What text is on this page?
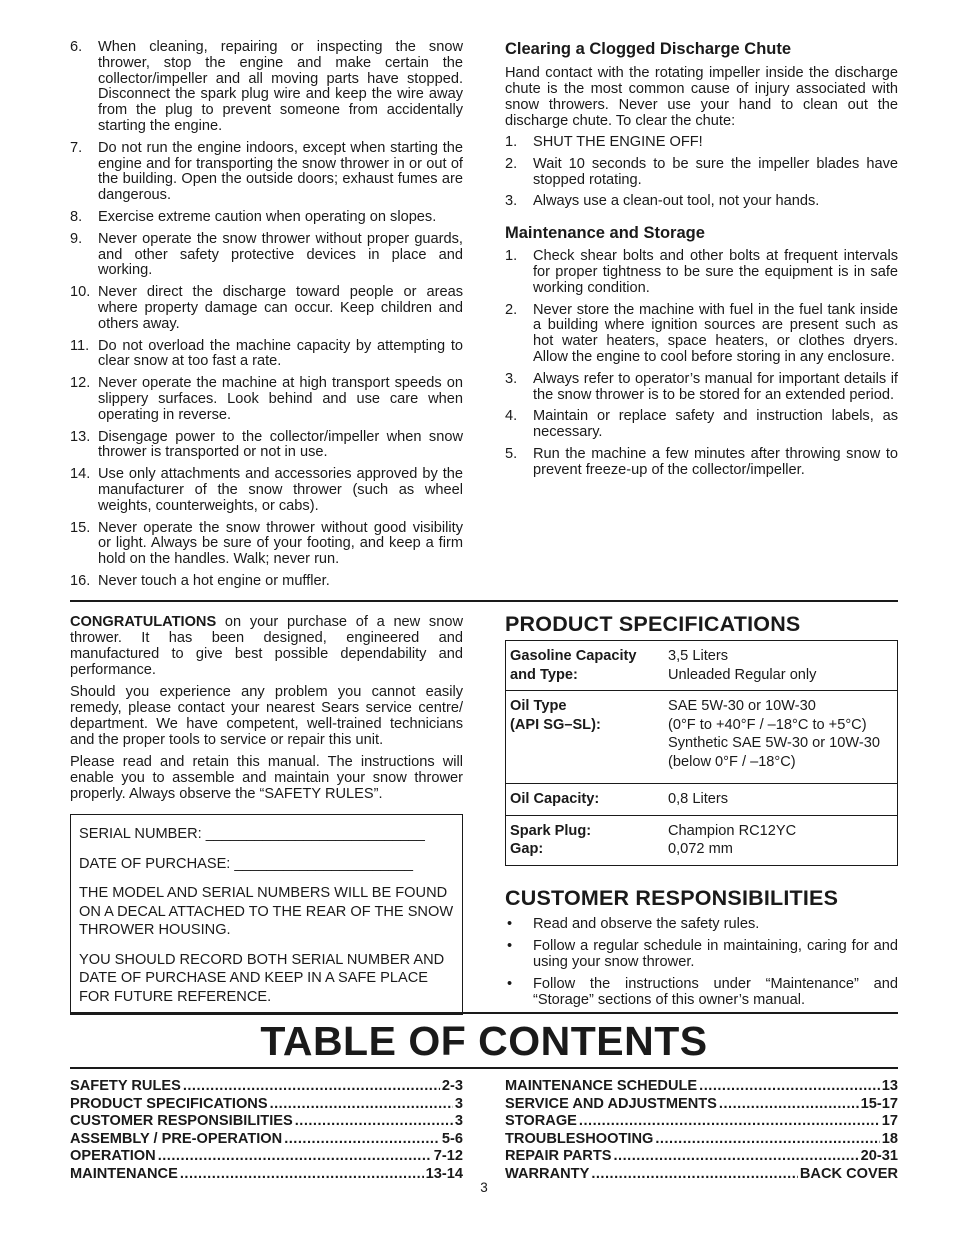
6. When cleaning, repairing or inspecting the snow thrower, stop the engine and make certain the collector/impeller and all moving parts have stopped. Disconnect the spark plug wire and keep the wire away from the plug to prevent someone from accidentally starting the engine.
7. Do not run the engine indoors, except when starting the engine and for transporting the snow thrower in or out of the building. Open the outside doors; exhaust fumes are dangerous.
8. Exercise extreme caution when operating on slopes.
9. Never operate the snow thrower without proper guards, and other safety protective devices in place and working.
10. Never direct the discharge toward people or areas where property damage can occur. Keep children and others away.
11. Do not overload the machine capacity by attempting to clear snow at too fast a rate.
12. Never operate the machine at high transport speeds on slippery surfaces. Look behind and use care when operating in reverse.
13. Disengage power to the collector/impeller when snow thrower is transported or not in use.
14. Use only attachments and accessories approved by the manufacturer of the snow thrower (such as wheel weights, counterweights, or cabs).
15. Never operate the snow thrower without good visibility or light. Always be sure of your footing, and keep a firm hold on the handles. Walk; never run.
16. Never touch a hot engine or muffler.
Clearing a Clogged Discharge Chute

Hand contact with the rotating impeller inside the discharge chute is the most common cause of injury associated with snow throwers. Never use your hand to clean out the discharge chute. To clear the chute:

1. SHUT THE ENGINE OFF!
2. Wait 10 seconds to be sure the impeller blades have stopped rotating.
3. Always use a clean-out tool, not your hands.
Maintenance and Storage
1. Check shear bolts and other bolts at frequent intervals for proper tightness to be sure the equipment is in safe working condition.
2. Never store the machine with fuel in the fuel tank inside a building where ignition sources are present such as hot water heaters, space heaters, or clothes dryers. Allow the engine to cool before storing in any enclosure.
3. Always refer to operator’s manual for important details if the snow thrower is to be stored for an extended period.
4. Maintain or replace safety and instruction labels, as necessary.
5. Run the machine a few minutes after throwing snow to prevent freeze-up of the collector/impeller.

CONGRATULATIONS on your purchase of a new snow thrower. It has been designed, engineered and manufactured to give best possible dependability and performance.

Should you experience any problem you cannot easily remedy, please contact your nearest Sears service centre/ department. We have competent, well-trained technicians and the proper tools to service or repair this unit.

Please read and retain this manual. The instructions will enable you to assemble and maintain your snow thrower properly. Always observe the “SAFETY RULES”.

SERIAL NUMBER: ___________________________

DATE OF PURCHASE: ______________________

THE MODEL AND SERIAL NUMBERS WILL BE FOUND ON A DECAL ATTACHED TO THE REAR OF THE SNOW THROWER HOUSING.

YOU SHOULD RECORD BOTH SERIAL NUMBER AND DATE OF PURCHASE AND KEEP IN A SAFE PLACE FOR FUTURE REFERENCE.

PRODUCT SPECIFICATIONS
Gasoline Capacity
and Type:	3,5 Liters
Unleaded Regular only
Oil Type
(API SG–SL):	SAE 5W-30 or 10W-30
(0°F to +40°F / –18°C to +5°C)
Synthetic SAE 5W-30 or 10W-30
(below 0°F / –18°C)
Oil Capacity:	0,8 Liters
Spark Plug:
Gap:	Champion RC12YC
0,072 mm
CUSTOMER RESPONSIBILITIES
• Read and observe the safety rules.
• Follow a regular schedule in maintaining, caring for and using your snow thrower.
• Follow the instructions under “Maintenance” and “Storage” sections of this owner’s manual.
TABLE OF CONTENTS
SAFETY RULES .....	2-3
PRODUCT SPECIFICATIONS .....	3
CUSTOMER RESPONSIBILITIES .....	3
ASSEMBLY / PRE-OPERATION .....	5-6
OPERATION .....	7-12
MAINTENANCE .....	13-14
MAINTENANCE SCHEDULE .....	13
SERVICE AND ADJUSTMENTS .....	15-17
STORAGE .....	17
TROUBLESHOOTING .....	18
REPAIR PARTS .....	20-31
WARRANTY .....	BACK COVER
3
